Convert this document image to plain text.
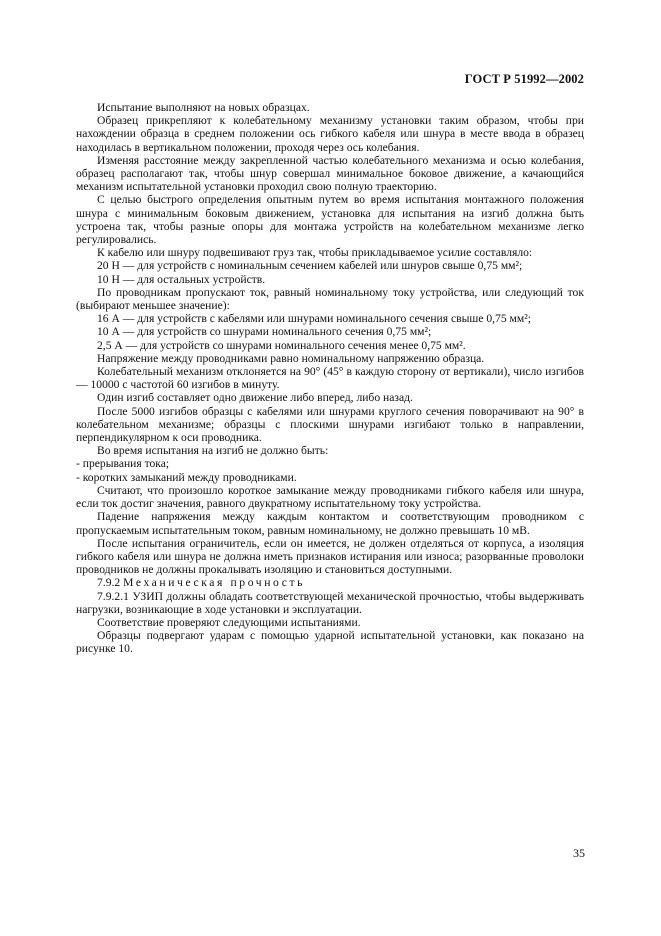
ГОСТ Р 51992—2002

Испытание выполняют на новых образцах.

Образец прикрепляют к колебательному механизму установки таким образом, чтобы при нахождении образца в среднем положении ось гибкого кабеля или шнура в месте ввода в образец находилась в вертикальном положении, проходя через ось колебания.

Изменяя расстояние между закрепленной частью колебательного механизма и осью колебания, образец располагают так, чтобы шнур совершал минимальное боковое движение, а качающийся механизм испытательной установки проходил свою полную траекторию.

С целью быстрого определения опытным путем во время испытания монтажного положения шнура с минимальным боковым движением, установка для испытания на изгиб должна быть устроена так, чтобы разные опоры для монтажа устройств на колебательном механизме легко регулировались.

К кабелю или шнуру подвешивают груз так, чтобы прикладываемое усилие составляло:

20 Н — для устройств с номинальным сечением кабелей или шнуров свыше 0,75 мм²;

10 Н — для остальных устройств.

По проводникам пропускают ток, равный номинальному току устройства, или следующий ток (выбирают меньшее значение):

16 А — для устройств с кабелями или шнурами номинального сечения свыше 0,75 мм²;

10 А — для устройств со шнурами номинального сечения 0,75 мм²;

2,5 А — для устройств со шнурами номинального сечения менее 0,75 мм².

Напряжение между проводниками равно номинальному напряжению образца.

Колебательный механизм отклоняется на 90° (45° в каждую сторону от вертикали), число изгибов — 10000 с частотой 60 изгибов в минуту.

Один изгиб составляет одно движение либо вперед, либо назад.

После 5000 изгибов образцы с кабелями или шнурами круглого сечения поворачивают на 90° в колебательном механизме; образцы с плоскими шнурами изгибают только в направлении, перпендикулярном к оси проводника.

Во время испытания на изгиб не должно быть:

- прерывания тока;

- коротких замыканий между проводниками.

Считают, что произошло короткое замыкание между проводниками гибкого кабеля или шнура, если ток достиг значения, равного двукратному испытательному току устройства.

Падение напряжения между каждым контактом и соответствующим проводником с пропускаемым испытательным током, равным номинальному, не должно превышать 10 мВ.

После испытания ограничитель, если он имеется, не должен отделяться от корпуса, а изоляция гибкого кабеля или шнура не должна иметь признаков истирания или износа; разорванные проволоки проводников не должны прокалывать изоляцию и становиться доступными.

7.9.2 Механическая прочность

7.9.2.1 УЗИП должны обладать соответствующей механической прочностью, чтобы выдерживать нагрузки, возникающие в ходе установки и эксплуатации.

Соответствие проверяют следующими испытаниями.

Образцы подвергают ударам с помощью ударной испытательной установки, как показано на рисунке 10.

35
